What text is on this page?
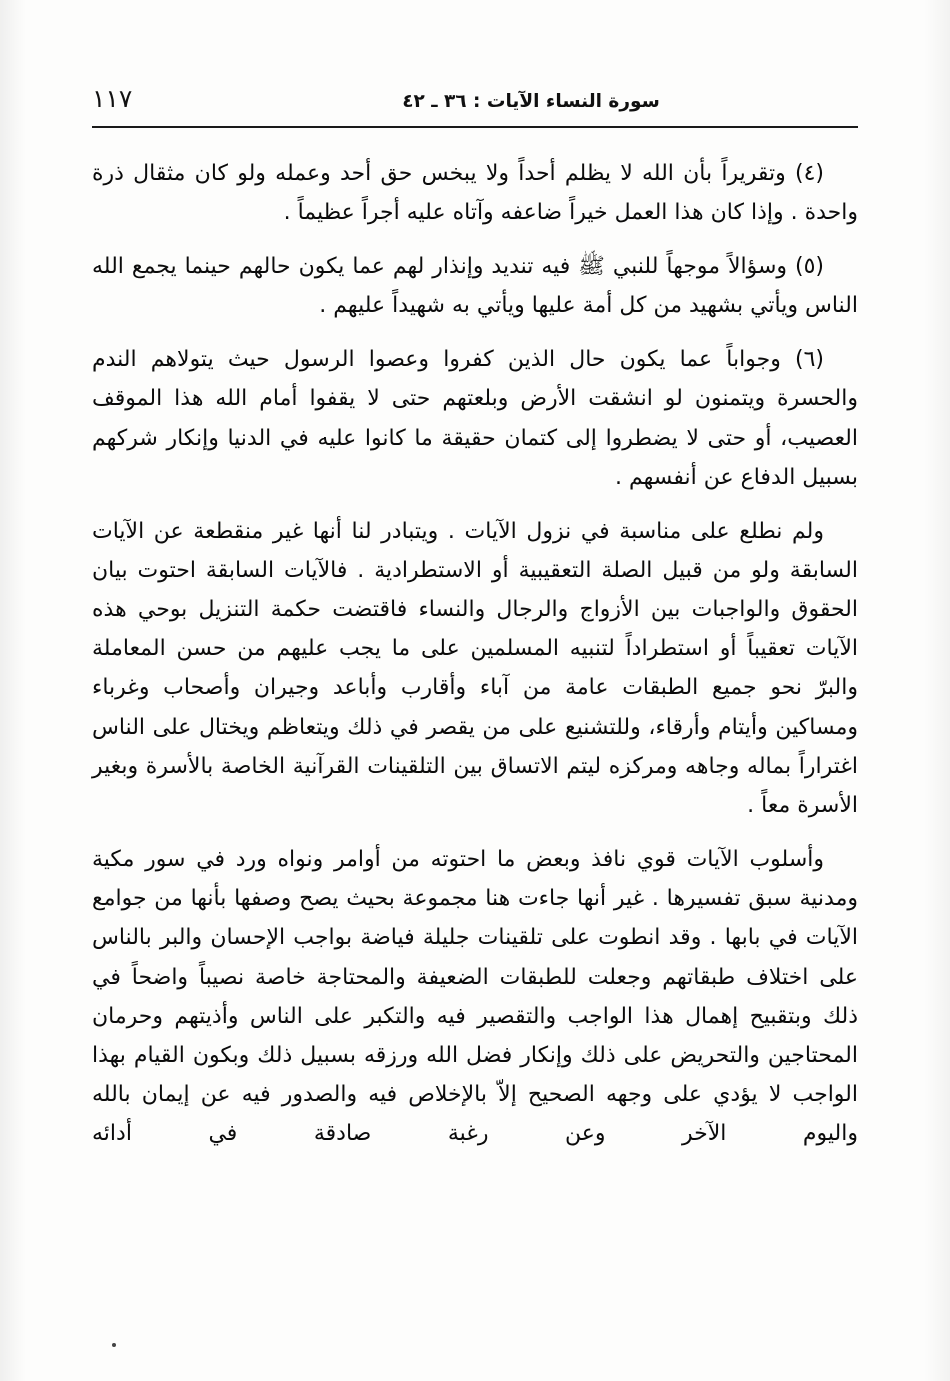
سورة النساء الآيات : ٣٦ ـ ٤٢
١١٧

(٤) وتقريراً بأن الله لا يظلم أحداً ولا يبخس حق أحد وعمله ولو كان مثقال ذرة واحدة . وإذا كان هذا العمل خيراً ضاعفه وآتاه عليه أجراً عظيماً .

(٥) وسؤالاً موجهاً للنبي ﷺ فيه تنديد وإنذار لهم عما يكون حالهم حينما يجمع الله الناس ويأتي بشهيد من كل أمة عليها ويأتي به شهيداً عليهم .

(٦) وجواباً عما يكون حال الذين كفروا وعصوا الرسول حيث يتولاهم الندم والحسرة ويتمنون لو انشقت الأرض وبلعتهم حتى لا يقفوا أمام الله هذا الموقف العصيب، أو حتى لا يضطروا إلى كتمان حقيقة ما كانوا عليه في الدنيا وإنكار شركهم بسبيل الدفاع عن أنفسهم .

ولم نطلع على مناسبة في نزول الآيات . ويتبادر لنا أنها غير منقطعة عن الآيات السابقة ولو من قبيل الصلة التعقيبية أو الاستطرادية . فالآيات السابقة احتوت بيان الحقوق والواجبات بين الأزواج والرجال والنساء فاقتضت حكمة التنزيل بوحي هذه الآيات تعقيباً أو استطراداً لتنبيه المسلمين على ما يجب عليهم من حسن المعاملة والبرّ نحو جميع الطبقات عامة من آباء وأقارب وأباعد وجيران وأصحاب وغرباء ومساكين وأيتام وأرقاء، وللتشنيع على من يقصر في ذلك ويتعاظم ويختال على الناس اغتراراً بماله وجاهه ومركزه ليتم الاتساق بين التلقينات القرآنية الخاصة بالأسرة وبغير الأسرة معاً .

وأسلوب الآيات قوي نافذ وبعض ما احتوته من أوامر ونواه ورد في سور مكية ومدنية سبق تفسيرها . غير أنها جاءت هنا مجموعة بحيث يصح وصفها بأنها من جوامع الآيات في بابها . وقد انطوت على تلقينات جليلة فياضة بواجب الإحسان والبر بالناس على اختلاف طبقاتهم وجعلت للطبقات الضعيفة والمحتاجة خاصة نصيباً واضحاً في ذلك وبتقبيح إهمال هذا الواجب والتقصير فيه والتكبر على الناس وأذيتهم وحرمان المحتاجين والتحريض على ذلك وإنكار فضل الله ورزقه بسبيل ذلك وبكون القيام بهذا الواجب لا يؤدي على وجهه الصحيح إلاّ بالإخلاص فيه والصدور فيه عن إيمان بالله واليوم الآخر وعن رغبة صادقة في أدائه
